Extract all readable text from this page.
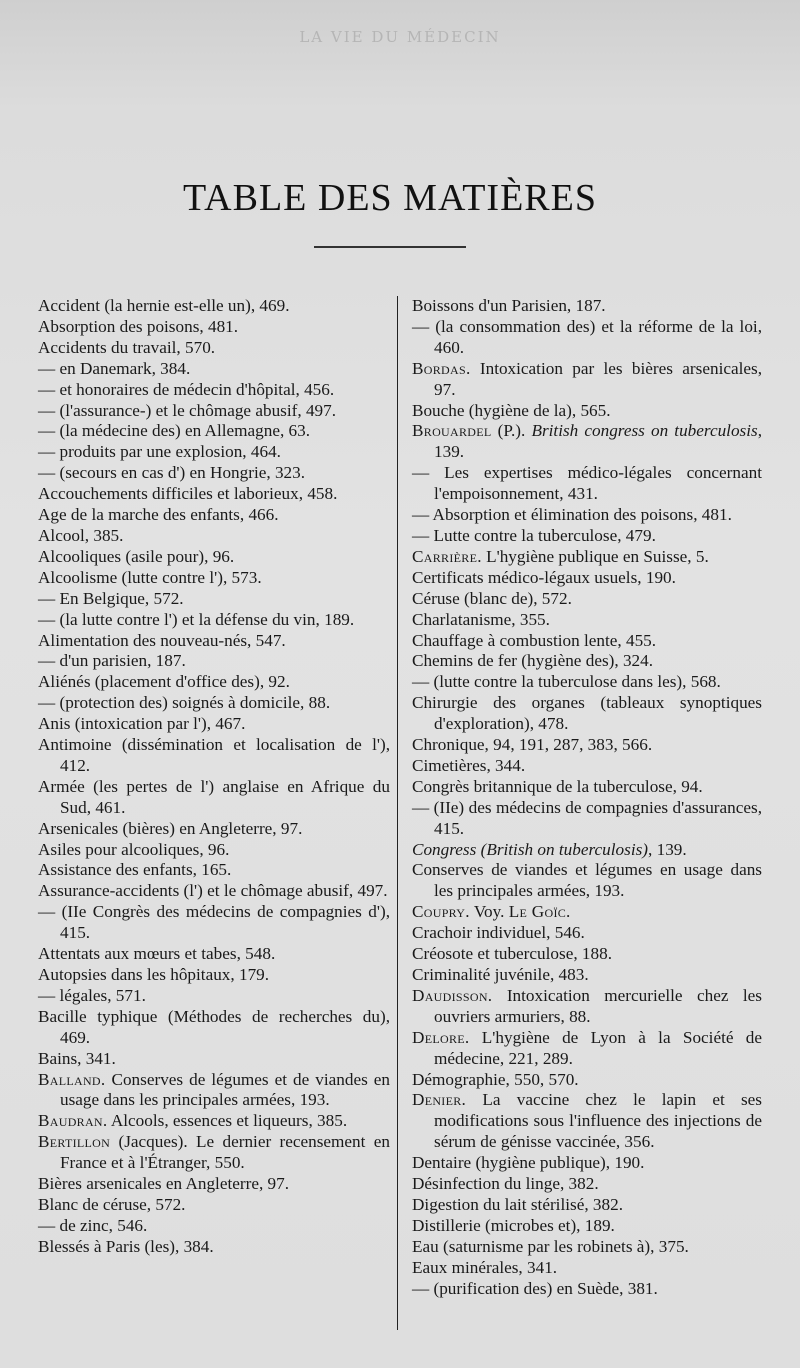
LA VIE DU MÉDECIN
TABLE DES MATIÈRES

Accident (la hernie est-elle un), 469.

Absorption des poisons, 481.

Accidents du travail, 570.

— en Danemark, 384.

— et honoraires de médecin d'hôpital, 456.

— (l'assurance-) et le chômage abusif, 497.

— (la médecine des) en Allemagne, 63.

— produits par une explosion, 464.

— (secours en cas d') en Hongrie, 323.

Accouchements difficiles et laborieux, 458.

Age de la marche des enfants, 466.

Alcool, 385.

Alcooliques (asile pour), 96.

Alcoolisme (lutte contre l'), 573.

— En Belgique, 572.

— (la lutte contre l') et la défense du vin, 189.

Alimentation des nouveau-nés, 547.

— d'un parisien, 187.

Aliénés (placement d'office des), 92.

— (protection des) soignés à domicile, 88.

Anis (intoxication par l'), 467.

Antimoine (dissémination et localisation de l'), 412.

Armée (les pertes de l') anglaise en Afrique du Sud, 461.

Arsenicales (bières) en Angleterre, 97.

Asiles pour alcooliques, 96.

Assistance des enfants, 165.

Assurance-accidents (l') et le chômage abusif, 497.

— (IIe Congrès des médecins de compagnies d'), 415.

Attentats aux mœurs et tabes, 548.

Autopsies dans les hôpitaux, 179.

— légales, 571.

Bacille typhique (Méthodes de recherches du), 469.

Bains, 341.

Balland. Conserves de légumes et de viandes en usage dans les principales armées, 193.

Baudran. Alcools, essences et liqueurs, 385.

Bertillon (Jacques). Le dernier recensement en France et à l'Étranger, 550.

Bières arsenicales en Angleterre, 97.

Blanc de céruse, 572.

— de zinc, 546.

Blessés à Paris (les), 384.

Boissons d'un Parisien, 187.

— (la consommation des) et la réforme de la loi, 460.

Bordas. Intoxication par les bières arsenicales, 97.

Bouche (hygiène de la), 565.

Brouardel (P.). British congress on tuberculosis, 139.

— Les expertises médico-légales concernant l'empoisonnement, 431.

— Absorption et élimination des poisons, 481.

— Lutte contre la tuberculose, 479.

Carrière. L'hygiène publique en Suisse, 5.

Certificats médico-légaux usuels, 190.

Céruse (blanc de), 572.

Charlatanisme, 355.

Chauffage à combustion lente, 455.

Chemins de fer (hygiène des), 324.

— (lutte contre la tuberculose dans les), 568.

Chirurgie des organes (tableaux synoptiques d'exploration), 478.

Chronique, 94, 191, 287, 383, 566.

Cimetières, 344.

Congrès britannique de la tuberculose, 94.

— (IIe) des médecins de compagnies d'assurances, 415.

Congress (British on tuberculosis), 139.

Conserves de viandes et légumes en usage dans les principales armées, 193.

Coupry. Voy. Le Goïc.

Crachoir individuel, 546.

Créosote et tuberculose, 188.

Criminalité juvénile, 483.

Daudisson. Intoxication mercurielle chez les ouvriers armuriers, 88.

Delore. L'hygiène de Lyon à la Société de médecine, 221, 289.

Démographie, 550, 570.

Denier. La vaccine chez le lapin et ses modifications sous l'influence des injections de sérum de génisse vaccinée, 356.

Dentaire (hygiène publique), 190.

Désinfection du linge, 382.

Digestion du lait stérilisé, 382.

Distillerie (microbes et), 189.

Eau (saturnisme par les robinets à), 375.

Eaux minérales, 341.

— (purification des) en Suède, 381.
